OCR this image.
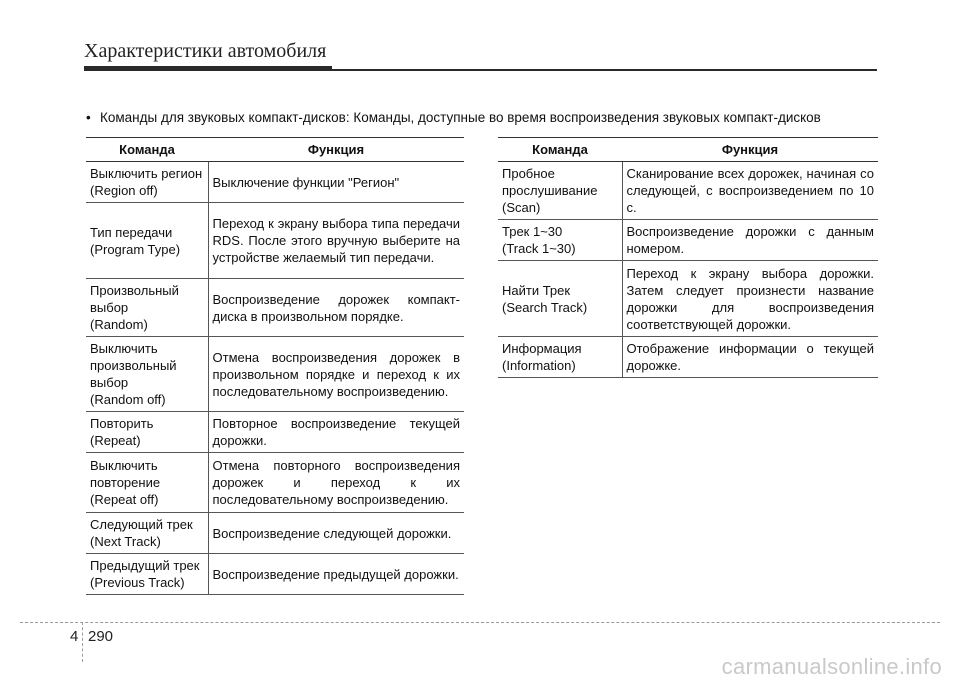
Характеристики автомобиля
• Команды для звуковых компакт-дисков: Команды, доступные во время воспроизведения звуковых компакт-дисков
Команда	Функция

Выключить регион
(Region off)	Выключение функции "Регион"

Тип передачи
(Program Type)	Переход к экрану выбора типа передачи RDS. После этого вручную выберите на устройстве желаемый тип передачи.

Произвольный
выбор
(Random)	Воспроизведение дорожек компакт-диска в произвольном порядке.

Выключить
произвольный
выбор
(Random off)	Отмена воспроизведения дорожек в произвольном порядке и переход к их последовательному воспроизведению.

Повторить
(Repeat)	Повторное воспроизведение текущей дорожки.

Выключить
повторение
(Repeat off)	Отмена повторного воспроизведения дорожек и переход к их последовательному воспроизведению.

Следующий трек
(Next Track)	Воспроизведение следующей дорожки.

Предыдущий трек
(Previous Track)	Воспроизведение предыдущей дорожки.
Команда	Функция

Пробное
прослушивание
(Scan)	Сканирование всех дорожек, начиная со следующей, с воспроизведением по 10 с.

Трек 1~30
(Track 1~30)	Воспроизведение дорожки с данным номером.

Найти Трек
(Search Track)	Переход к экрану выбора дорожки. Затем следует произнести название дорожки для воспроизведения соответствующей дорожки.

Информация
(Information)	Отображение информации о текущей дорожке.
4 290
carmanualsonline.info
